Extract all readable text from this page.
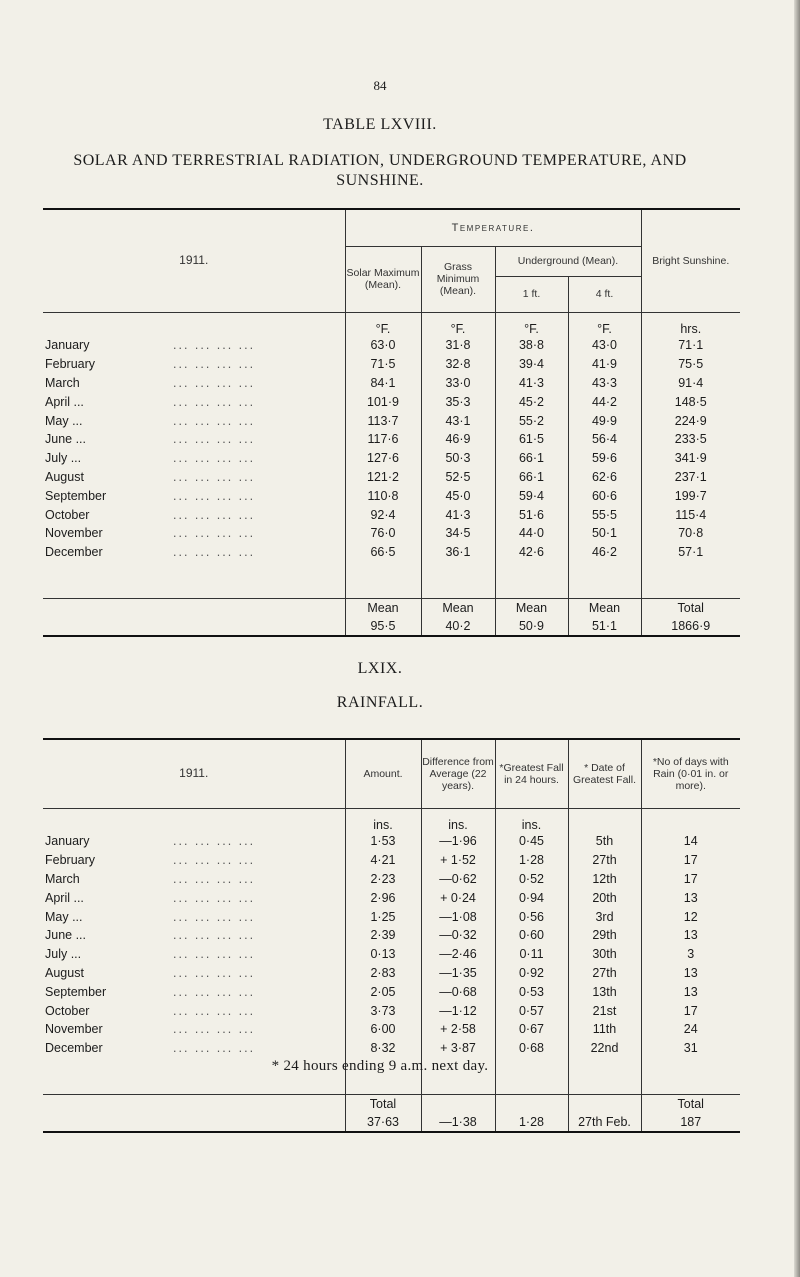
84
TABLE LXVIII.
SOLAR AND TERRESTRIAL RADIATION, UNDERGROUND TEMPERATURE, AND
SUNSHINE.
1911.	Temperature.				Bright Sunshine.
	Solar Maximum (Mean).	Grass Minimum (Mean).	Underground (Mean).		
			1 ft.	4 ft.	
	°F.	°F.	°F.	°F.	hrs.
January ... ... ... ...	63·0	31·8	38·8	43·0	71·1
February ... ... ... ...	71·5	32·8	39·4	41·9	75·5
March ... ... ... ...	84·1	33·0	41·3	43·3	91·4
April ... ... ... ... ...	101·9	35·3	45·2	44·2	148·5
May ... ... ... ... ...	113·7	43·1	55·2	49·9	224·9
June ... ... ... ... ...	117·6	46·9	61·5	56·4	233·5
July ... ... ... ... ...	127·6	50·3	66·1	59·6	341·9
August ... ... ... ...	121·2	52·5	66·1	62·6	237·1
September ... ... ... ...	110·8	45·0	59·4	60·6	199·7
October ... ... ... ...	92·4	41·3	51·6	55·5	115·4
November ... ... ... ...	76·0	34·5	44·0	50·1	70·8
December ... ... ... ...	66·5	36·1	42·6	46·2	57·1

	Mean	Mean	Mean	Mean	Total
	95·5	40·2	50·9	51·1	1866·9
LXIX.
RAINFALL.
1911.	Amount.	Difference from Average (22 years).	*Greatest Fall in 24 hours.	* Date of Greatest Fall.	*No of days with Rain (0·01 in. or more).
	ins.	ins.	ins.		
January ... ... ... ...	1·53	—1·96	0·45	5th	14
February ... ... ... ...	4·21	+ 1·52	1·28	27th	17
March ... ... ... ...	2·23	—0·62	0·52	12th	17
April ... ... ... ... ...	2·96	+ 0·24	0·94	20th	13
May ... ... ... ... ...	1·25	—1·08	0·56	3rd	12
June ... ... ... ... ...	2·39	—0·32	0·60	29th	13
July ... ... ... ... ...	0·13	—2·46	0·11	30th	3
August ... ... ... ...	2·83	—1·35	0·92	27th	13
September ... ... ... ...	2·05	—0·68	0·53	13th	13
October ... ... ... ...	3·73	—1·12	0·57	21st	17
November ... ... ... ...	6·00	+ 2·58	0·67	11th	24
December ... ... ... ...	8·32	+ 3·87	0·68	22nd	31

	Total				Total
	37·63	—1·38	1·28	27th Feb.	187
* 24 hours ending 9 a.m. next day.
